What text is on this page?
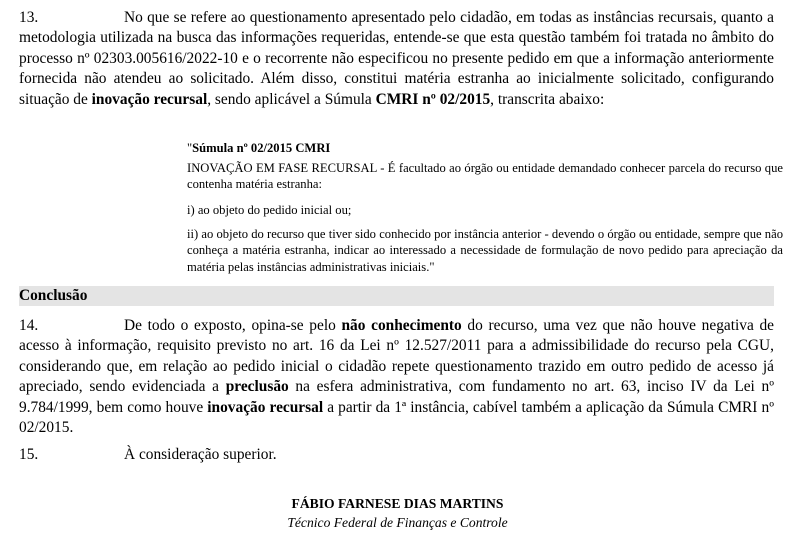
13.	No que se refere ao questionamento apresentado pelo cidadão, em todas as instâncias recursais, quanto a metodologia utilizada na busca das informações requeridas, entende-se que esta questão também foi tratada no âmbito do processo nº 02303.005616/2022-10 e o recorrente não especificou no presente pedido em que a informação anteriormente fornecida não atendeu ao solicitado. Além disso, constitui matéria estranha ao inicialmente solicitado, configurando situação de inovação recursal, sendo aplicável a Súmula CMRI nº 02/2015, transcrita abaixo:
"Súmula nº 02/2015 CMRI

INOVAÇÃO EM FASE RECURSAL - É facultado ao órgão ou entidade demandado conhecer parcela do recurso que contenha matéria estranha:

i) ao objeto do pedido inicial ou;

ii) ao objeto do recurso que tiver sido conhecido por instância anterior - devendo o órgão ou entidade, sempre que não conheça a matéria estranha, indicar ao interessado a necessidade de formulação de novo pedido para apreciação da matéria pelas instâncias administrativas iniciais."

Conclusão
14.	De todo o exposto, opina-se pelo não conhecimento do recurso, uma vez que não houve negativa de acesso à informação, requisito previsto no art. 16 da Lei nº 12.527/2011 para a admissibilidade do recurso pela CGU, considerando que, em relação ao pedido inicial o cidadão repete questionamento trazido em outro pedido de acesso já apreciado, sendo evidenciada a preclusão na esfera administrativa, com fundamento no art. 63, inciso IV da Lei nº 9.784/1999, bem como houve inovação recursal a partir da 1ª instância, cabível também a aplicação da Súmula CMRI nº 02/2015.
15.	À consideração superior.
FÁBIO FARNESE DIAS MARTINS
Técnico Federal de Finanças e Controle
